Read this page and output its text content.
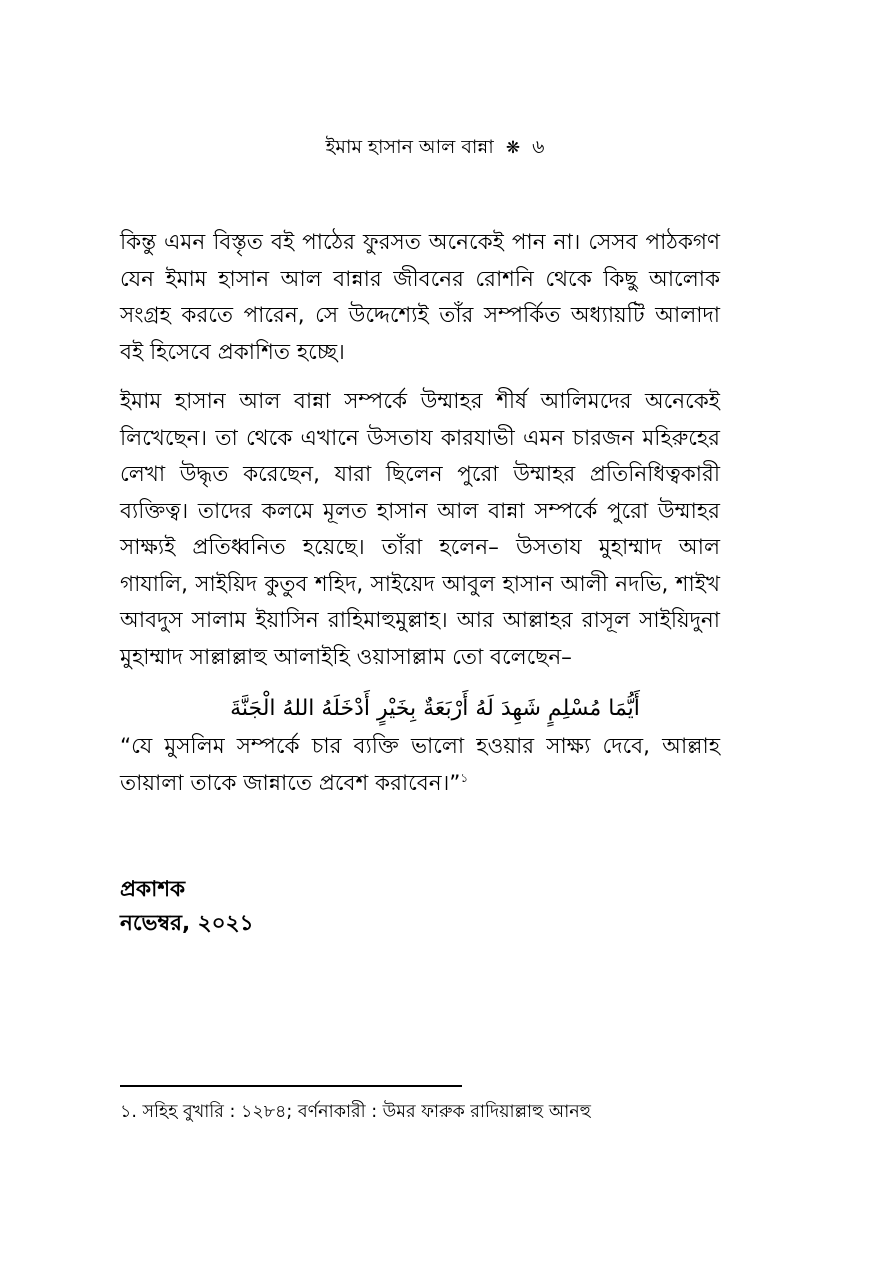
ইমাম হাসান আল বান্না ❋ ৬

কিন্তু এমন বিস্তৃত বই পাঠের ফুরসত অনেকেই পান না। সেসব পাঠকগণ যেন ইমাম হাসান আল বান্নার জীবনের রোশনি থেকে কিছু আলোক সংগ্রহ করতে পারেন, সে উদ্দেশ্যেই তাঁর সম্পর্কিত অধ্যায়টি আলাদা বই হিসেবে প্রকাশিত হচ্ছে।

ইমাম হাসান আল বান্না সম্পর্কে উম্মাহর শীর্ষ আলিমদের অনেকেই লিখেছেন। তা থেকে এখানে উসতায কারযাভী এমন চারজন মহিরুহের লেখা উদ্ধৃত করেছেন, যারা ছিলেন পুরো উম্মাহর প্রতিনিধিত্বকারী ব্যক্তিত্ব। তাদের কলমে মূলত হাসান আল বান্না সম্পর্কে পুরো উম্মাহর সাক্ষ্যই প্রতিধ্বনিত হয়েছে। তাঁরা হলেন– উসতায মুহাম্মাদ আল গাযালি, সাইয়িদ কুতুব শহিদ, সাইয়েদ আবুল হাসান আলী নদভি, শাইখ আবদুস সালাম ইয়াসিন রাহিমাহুমুল্লাহ। আর আল্লাহর রাসূল সাইয়িদুনা মুহাম্মাদ সাল্লাল্লাহু আলাইহি ওয়াসাল্লাম তো বলেছেন–

أَيُّمَا مُسْلِمٍ شَهِدَ لَهُ أَرْبَعَةٌ بِخَيْرٍ أَدْخَلَهُ اللهُ الْجَنَّةَ

“যে মুসলিম সম্পর্কে চার ব্যক্তি ভালো হওয়ার সাক্ষ্য দেবে, আল্লাহ তায়ালা তাকে জান্নাতে প্রবেশ করাবেন।”$^১$

প্রকাশক
নভেম্বর, ২০২১
১. সহিহ বুখারি : ১২৮৪; বর্ণনাকারী : উমর ফারুক রাদিয়াল্লাহু আনহু
